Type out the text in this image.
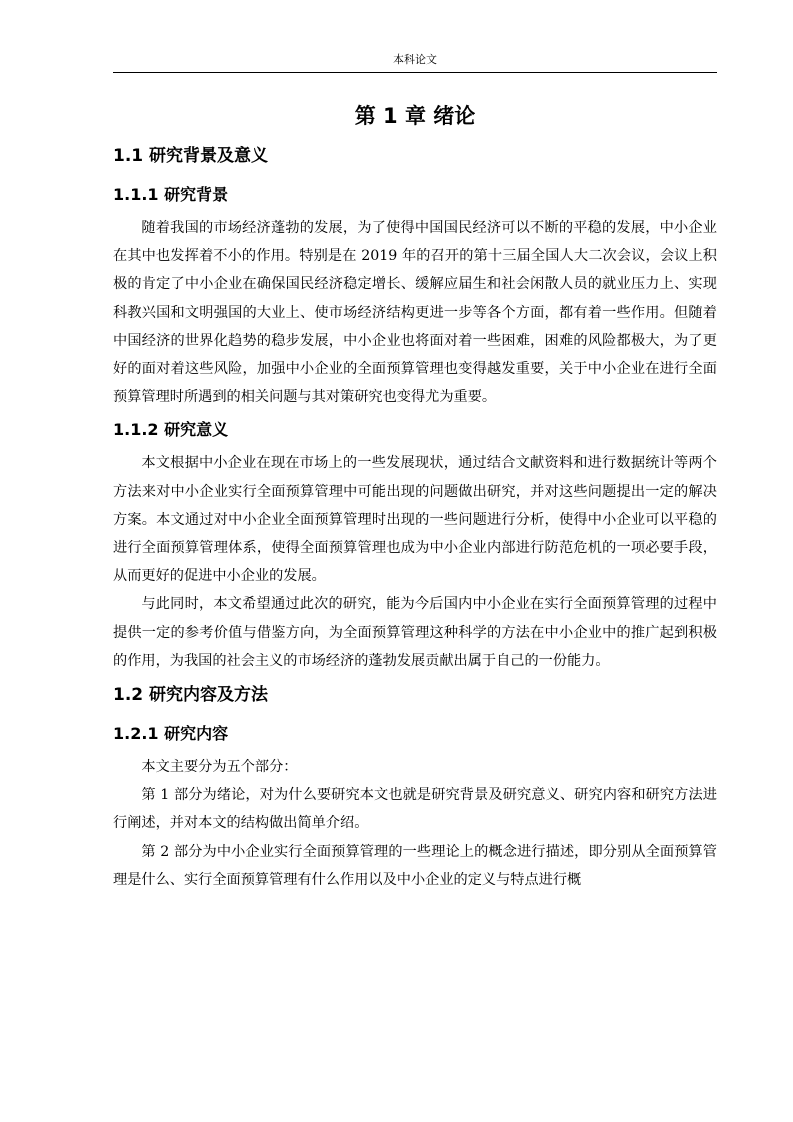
本科论文
第 1 章 绪论
1.1 研究背景及意义
1.1.1 研究背景

随着我国的市场经济蓬勃的发展，为了使得中国国民经济可以不断的平稳的发展，中小企业在其中也发挥着不小的作用。特别是在 2019 年的召开的第十三届全国人大二次会议，会议上积极的肯定了中小企业在确保国民经济稳定增长、缓解应届生和社会闲散人员的就业压力上、实现科教兴国和文明强国的大业上、使市场经济结构更进一步等各个方面，都有着一些作用。但随着中国经济的世界化趋势的稳步发展，中小企业也将面对着一些困难，困难的风险都极大，为了更好的面对着这些风险，加强中小企业的全面预算管理也变得越发重要，关于中小企业在进行全面预算管理时所遇到的相关问题与其对策研究也变得尤为重要。

1.1.2 研究意义

本文根据中小企业在现在市场上的一些发展现状，通过结合文献资料和进行数据统计等两个方法来对中小企业实行全面预算管理中可能出现的问题做出研究，并对这些问题提出一定的解决方案。本文通过对中小企业全面预算管理时出现的一些问题进行分析，使得中小企业可以平稳的进行全面预算管理体系，使得全面预算管理也成为中小企业内部进行防范危机的一项必要手段，从而更好的促进中小企业的发展。

与此同时，本文希望通过此次的研究，能为今后国内中小企业在实行全面预算管理的过程中提供一定的参考价值与借鉴方向，为全面预算管理这种科学的方法在中小企业中的推广起到积极的作用，为我国的社会主义的市场经济的蓬勃发展贡献出属于自己的一份能力。

1.2 研究内容及方法
1.2.1 研究内容

本文主要分为五个部分：

第 1 部分为绪论，对为什么要研究本文也就是研究背景及研究意义、研究内容和研究方法进行阐述，并对本文的结构做出简单介绍。

第 2 部分为中小企业实行全面预算管理的一些理论上的概念进行描述，即分别从全面预算管理是什么、实行全面预算管理有什么作用以及中小企业的定义与特点进行概
